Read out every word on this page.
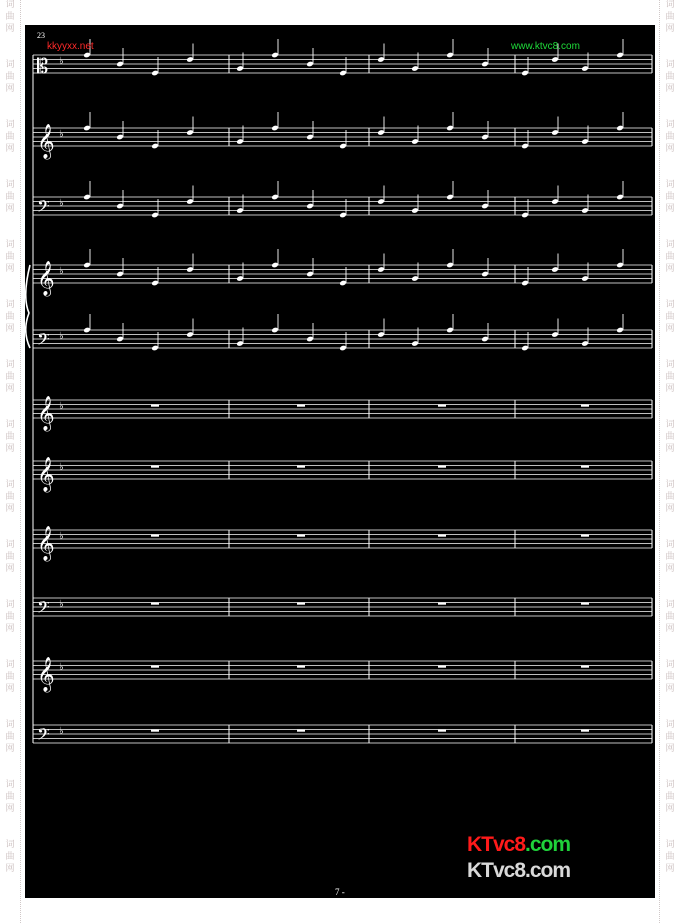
词
曲
网
词
曲
网
词
曲
网
词
曲
网
词
曲
网
词
曲
网
词
曲
网
词
曲
网
词
曲
网
词
曲
网
词
曲
网
词
曲
网
词
曲
网
词
曲
网
词
曲
网
词
曲
网
词
曲
网
词
曲
网
词
曲
网
词
曲
网
词
曲
网
词
曲
网
词
曲
网
词
曲
网
词
曲
网
词
曲
网
词
曲
网
词
曲
网
词
曲
网
词
曲
网
𝄡 ♭
𝄞 ♭
𝄢 ♭
𝄞 ♭
𝄢 ♭
𝄞 ♭
𝄞 ♭
𝄞 ♭
𝄢 ♭
𝄞 ♭
𝄢 ♭
23
kkyyxx.net	www.ktvc8.com
7 -
KTvc8.com
KTvc8.com
